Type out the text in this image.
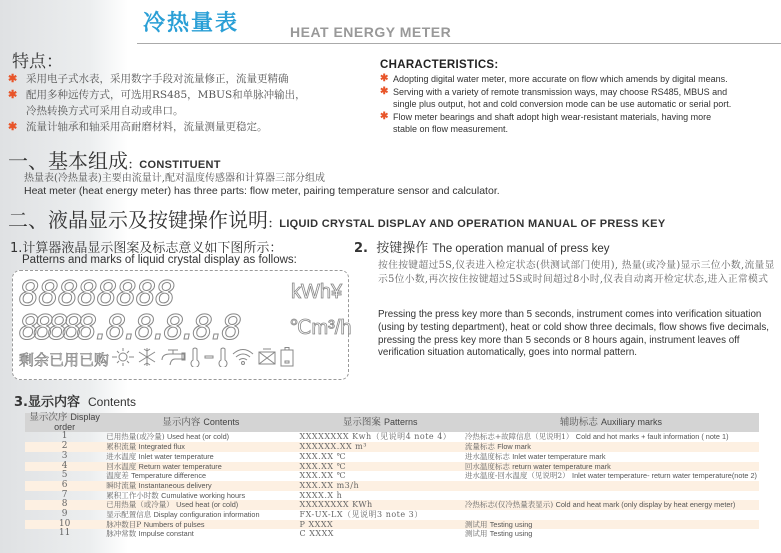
冷热量表	HEAT ENERGY METER
特点：
✱ 采用电子式水表，采用数字手段对流量修正，流量更精确
✱ 配用多种远传方式，可选用RS485，MBUS和单脉冲输出，
冷热转换方式可采用自动或串口。
✱ 流量计轴承和轴采用高耐磨材料，流量测量更稳定。
CHARACTERISTICS:
✱ Adopting digital water meter, more accurate on flow which amends by digital means.
✱ Serving with a variety of remote transmission ways, may choose RS485, MBUS and
single plus output, hot and cold conversion mode can be use automatic or serial port.
✱ Flow meter bearings and shaft adopt high wear-resistant materials, having more
stable on flow measurement.
一、基本组成：CONSTITUENT
热量表(冷热量表)主要由流量计,配对温度传感器和计算器三部分组成
Heat meter (heat energy meter) has three parts: flow meter, pairing temperature sensor and calculator.
二、液晶显示及按键操作说明：LIQUID CRYSTAL DISPLAY AND OPERATION MANUAL OF PRESS KEY
1.计算器液晶显示图案及标志意义如下图所示：
Patterns and marks of liquid crystal display as follows:
88888888	kWh¥
88888.8.8.8.8.8	℃m³/h
剩余已用已购
2. 按键操作 The operation manual of press key
按住按键超过5S,仪表进入检定状态(供测试部门使用), 热量(或冷量)显示三位小数,流量显示5位小数,再次按住按键超过5S或时间超过8小时,仪表自动离开检定状态,进入正常模式
Pressing the press key more than 5 seconds, instrument comes into verification situation (using by testing department), heat or cold show three decimals, flow shows five decimals, pressing the press key more than 5 seconds or 8 hours again, instrument leaves off verification situation automatically, goes into normal pattern.
3.显示内容 Contents
显示次序 Display order	显示内容 Contents	显示图案 Patterns	辅助标志 Auxiliary marks
1	已用热量(或冷量) Used heat (or cold)	XXXXXXXX Kwh（见说明4 note 4）	冷热标志+故障信息（见说明1） Cold and hot marks + fault information ( note 1)
2	累积流量 Integrated flux	XXXXXX.XX m³	流量标志 Flow mark
3	进水温度 Inlet water temperature	XXX.XX ℃	进水温度标志 Inlet water temperature mark
4	回水温度 Return water temperature	XXX.XX ℃	回水温度标志 return water temperature mark
5	温度差 Temperature difference	XXX.XX ℃	进水温度-回水温度（见说明2） Inlet water temperature- return water temperature(note 2)
6	瞬时流量 Instantaneous delivery	XXX.XX m3/h	
7	累积工作小时数 Cumulative working hours	XXXX.X h	
8	已用热量（或冷量） Used heat (or cold)	XXXXXXXX KWh	冷热标志(仅冷热量表显示) Cold and heat mark (only display by heat energy meter)
9	显示配置信息 Display configuration information	FX-UX-LX（见说明3 note 3）	
10	脉冲数目P Numbers of pulses	P XXXX	测试用 Testing using
11	脉冲常数 Impulse constant	C XXXX	测试用 Testing using	m.ituara
